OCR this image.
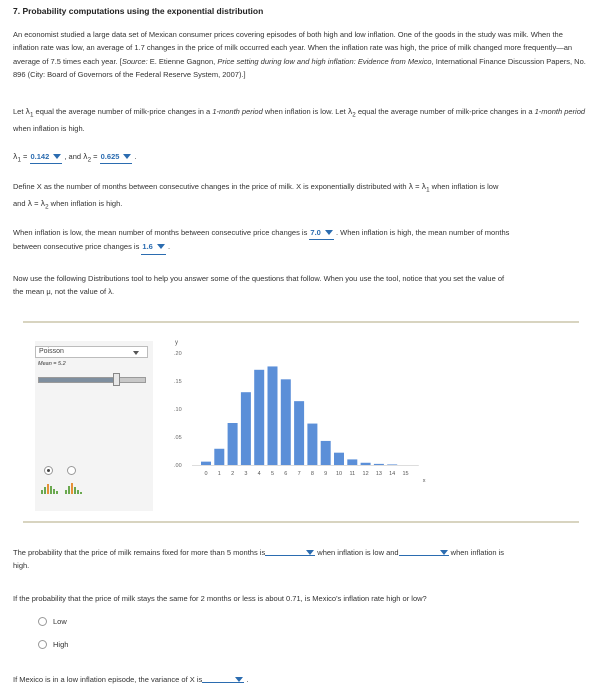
7. Probability computations using the exponential distribution

An economist studied a large data set of Mexican consumer prices covering episodes of both high and low inflation. One of the goods in the study was milk. When the inflation rate was low, an average of 1.7 changes in the price of milk occurred each year. When the inflation rate was high, the price of milk changed more frequently—an average of 7.5 times each year. [Source: E. Etienne Gagnon, Price setting during low and high inflation: Evidence from Mexico, International Finance Discussion Papers, No. 896 (City: Board of Governors of the Federal Reserve System, 2007).]

Let $\lambda_1$ equal the average number of milk-price changes in a 1-month period when inflation is low. Let $\lambda_2$ equal the average number of milk-price changes in a 1-month period when inflation is high.

$\lambda_1 = 0.142$
, and $\lambda_2 = 0.625$
.

Define X as the number of months between consecutive changes in the price of milk. X is exponentially distributed with $\lambda = \lambda_1$ when inflation is low
and $\lambda = \lambda_2$ when inflation is high.

When inflation is low, the mean number of months between consecutive price changes is 7.0
. When inflation is high, the mean number of months
between consecutive price changes is 1.6
.

Now use the following Distributions tool to help you answer some of the questions that follow. When you use the tool, notice that you set the value of
the mean μ, not the value of λ.

Poisson
Mean = 5.2
y
.00
.05
.10
.15
.20
0 1 2 3 4 5 6 7 8 9 10 11 12 13 14 15
x

The probability that the price of milk remains fixed for more than 5 months is	when inflation is low and	when inflation is
high.

If the probability that the price of milk stays the same for 2 months or less is about 0.71, is Mexico's inflation rate high or low?

Low
High

If Mexico is in a low inflation episode, the variance of X is	.
